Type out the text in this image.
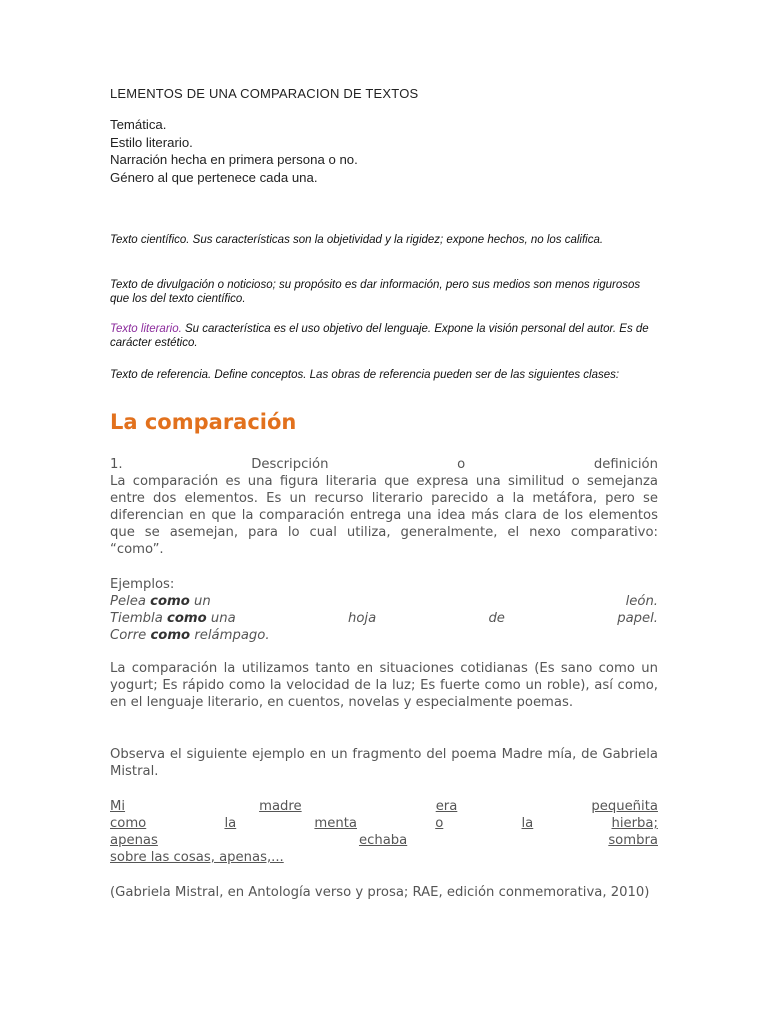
LEMENTOS DE UNA COMPARACION DE TEXTOS
Temática.
Estilo literario.
Narración hecha en primera persona o no.
Género al que pertenece cada una.

Texto científico. Sus características son la objetividad y la rigidez; expone hechos, no los califica.

Texto de divulgación o noticioso; su propósito es dar información, pero sus medios son menos rigurosos que los del texto científico.

Texto literario. Su característica es el uso objetivo del lenguaje. Expone la visión personal del autor. Es de carácter estético.

Texto de referencia. Define conceptos. Las obras de referencia pueden ser de las siguientes clases:

La comparación
1.	Descripción	o	definición
La comparación es una figura literaria que expresa una similitud o semejanza entre dos elementos. Es un recurso literario parecido a la metáfora, pero se diferencian en que la comparación entrega una idea más clara de los elementos que se asemejan, para lo cual utiliza, generalmente, el nexo comparativo: “como”.
Ejemplos:
Pelea como un	león.
Tiembla como una	hoja	de	papel.
Corre como relámpago.
La comparación la utilizamos tanto en situaciones cotidianas (Es sano como un yogurt; Es rápido como la velocidad de la luz; Es fuerte como un roble), así como, en el lenguaje literario, en cuentos, novelas y especialmente poemas.
Observa el siguiente ejemplo en un fragmento del poema Madre mía, de Gabriela Mistral.
Mi	madre	era	pequeñita
como	la	menta	o	la	hierba;
apenas	echaba	sombra
sobre las cosas, apenas,...
(Gabriela Mistral, en Antología verso y prosa; RAE, edición conmemorativa, 2010)
